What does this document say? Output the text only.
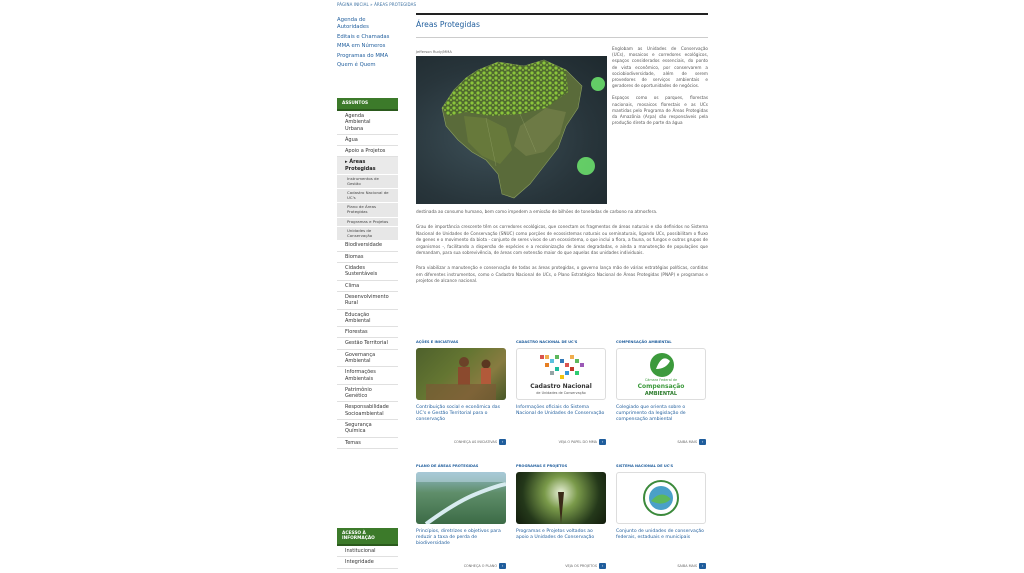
PÁGINA INICIAL » ÁREAS PROTEGIDAS
Agenda de Autoridades
Editais e Chamadas
MMA em Números
Programas do MMA
Quem é Quem
ASSUNTOS
Agenda Ambiental Urbana
Água
Apoio a Projetos
▸ Áreas Protegidas
Instrumentos de Gestão
Cadastro Nacional de UC's
Plano de Áreas Protegidas
Programas e Projetos
Unidades de Conservação
Biodiversidade
Biomas
Cidades Sustentáveis
Clima
Desenvolvimento Rural
Educação Ambiental
Florestas
Gestão Territorial
Governança Ambiental
Informações Ambientais
Patrimônio Genético
Responsabilidade Socioambiental
Segurança Química
Temas
ACESSO À INFORMAÇÃO
Institucional
Integridade
Áreas Protegidas
Jefferson Rudy/MMA

Englobam as Unidades de Conservação (UCs), mosaicos e corredores ecológicos, espaços considerados essenciais, do ponto de vista econômico, por conservarem a sociobiodiversidade, além de serem provedores de serviços ambientais e geradores de oportunidades de negócios.

Espaços como os parques, florestas nacionais, mosaicos florestais e as UCs mantidas pelo Programa de Áreas Protegidas da Amazônia (Arpa) são responsáveis pela produção direta de parte da água

destinada ao consumo humano, bem como impedem a emissão de bilhões de toneladas de carbono na atmosfera.

Grau de importância crescente têm os corredores ecológicos, que conectam os fragmentos de áreas naturais e são definidos no Sistema Nacional de Unidades de Conservação (SNUC) como porções de ecossistemas naturais ou seminaturais, ligando UCs, possibilitam o fluxo de genes e o movimento da biota - conjunto de seres vivos de um ecossistema, o que inclui a flora, a fauna, os fungos e outros grupos de organismos -, facilitando a dispersão de espécies e a recolonização de áreas degradadas, e ainda a manutenção de populações que demandam, para sua sobrevivência, de áreas com extensão maior do que aquelas das unidades individuais.

Para viabilizar a manutenção e conservação de todas as áreas protegidas, o governo lança mão de várias estratégias políticas, contidas em diferentes instrumentos, como o Cadastro Nacional de UCs, o Plano Estratégico Nacional de Áreas Protegidas (PNAP) e programas e projetos de alcance nacional.

AÇÕES E INICIATIVAS
Contribuição social e econômica das UC's e Gestão Territorial para o conservação
CONHEÇA AS INICIATIVAS ›
CADASTRO NACIONAL DE UC'S
Cadastro Nacional
de Unidades de Conservação
Informações oficiais do Sistema Nacional de Unidades de Conservação
VEJA O PAPEL DO MMA ›
COMPENSAÇÃO AMBIENTAL
Câmara Federal de
Compensação
AMBIENTAL
Colegiado que orienta sobre o cumprimento da legislação de compensação ambiental
SAIBA MAIS ›
PLANO DE ÁREAS PROTEGIDAS
Princípios, diretrizes e objetivos para reduzir a taxa de perda de biodiversidade
CONHEÇA O PLANO ›
PROGRAMAS E PROJETOS
Programas e Projetos voltados ao apoio a Unidades de Conservação
VEJA OS PROJETOS ›
SISTEMA NACIONAL DE UC'S
Conjunto de unidades de conservação federais, estaduais e municipais
SAIBA MAIS ›
